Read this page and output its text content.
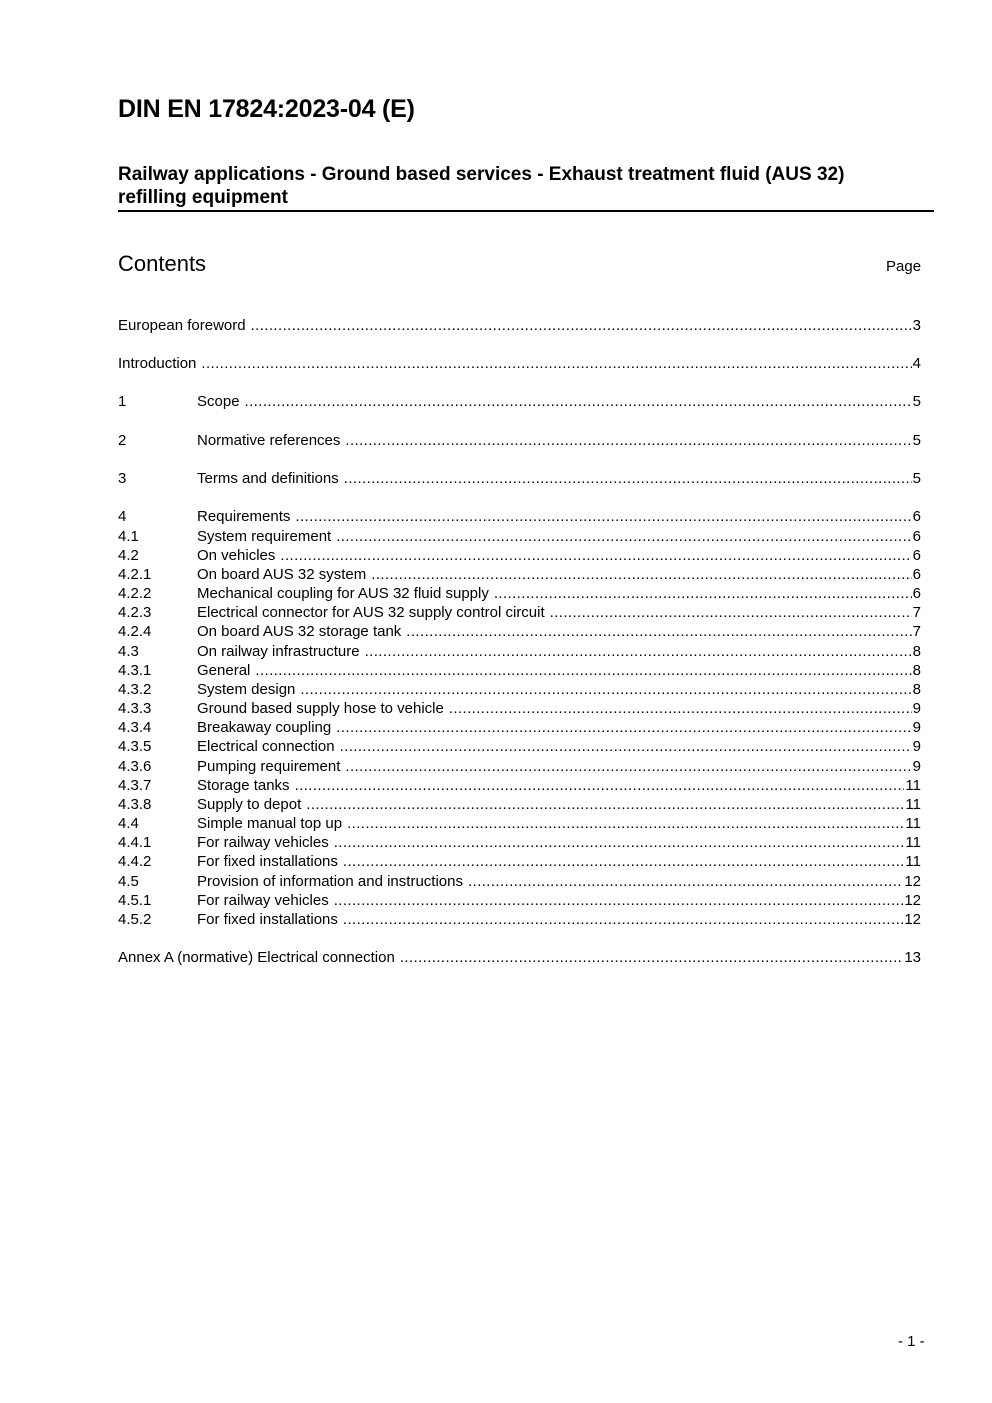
DIN EN 17824:2023-04 (E)
Railway applications - Ground based services - Exhaust treatment fluid (AUS 32) refilling equipment
Contents	Page
European foreword .....	3
Introduction .....	4
1	Scope .....	5
2	Normative references .....	5
3	Terms and definitions .....	5
4	Requirements .....	6
4.1	System requirement .....	6
4.2	On vehicles .....	6
4.2.1	On board AUS 32 system .....	6
4.2.2	Mechanical coupling for AUS 32 fluid supply .....	6
4.2.3	Electrical connector for AUS 32 supply control circuit .....	7
4.2.4	On board AUS 32 storage tank .....	7
4.3	On railway infrastructure .....	8
4.3.1	General .....	8
4.3.2	System design .....	8
4.3.3	Ground based supply hose to vehicle .....	9
4.3.4	Breakaway coupling .....	9
4.3.5	Electrical connection .....	9
4.3.6	Pumping requirement .....	9
4.3.7	Storage tanks .....	11
4.3.8	Supply to depot .....	11
4.4	Simple manual top up .....	11
4.4.1	For railway vehicles .....	11
4.4.2	For fixed installations .....	11
4.5	Provision of information and instructions .....	12
4.5.1	For railway vehicles .....	12
4.5.2	For fixed installations .....	12
Annex A (normative) Electrical connection .....	13
- 1 -
